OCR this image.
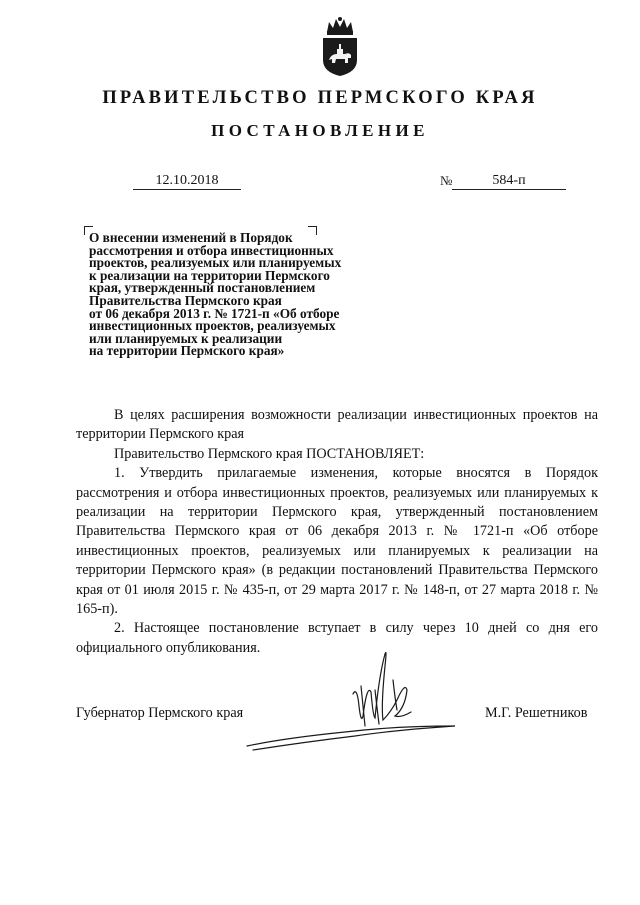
ПРАВИТЕЛЬСТВО ПЕРМСКОГО КРАЯ
ПОСТАНОВЛЕНИЕ
12.10.2018	№	584-п
О внесении изменений в Порядок
рассмотрения и отбора инвестиционных
проектов, реализуемых или планируемых
к реализации на территории Пермского
края, утвержденный постановлением
Правительства Пермского края
от 06 декабря 2013 г. № 1721-п «Об отборе
инвестиционных проектов, реализуемых
или планируемых к реализации
на территории Пермского края»
В целях расширения возможности реализации инвестиционных проектов на территории Пермского края
Правительство Пермского края ПОСТАНОВЛЯЕТ:
1. Утвердить прилагаемые изменения, которые вносятся в Порядок рассмотрения и отбора инвестиционных проектов, реализуемых или планируемых к реализации на территории Пермского края, утвержденный постановлением Правительства Пермского края от 06 декабря 2013 г. № 1721-п «Об отборе инвестиционных проектов, реализуемых или планируемых к реализации на территории Пермского края» (в редакции постановлений Правительства Пермского края от 01 июля 2015 г. № 435-п, от 29 марта 2017 г. № 148-п, от 27 марта 2018 г. № 165-п).
2. Настоящее постановление вступает в силу через 10 дней со дня его официального опубликования.
Губернатор Пермского края	М.Г. Решетников
